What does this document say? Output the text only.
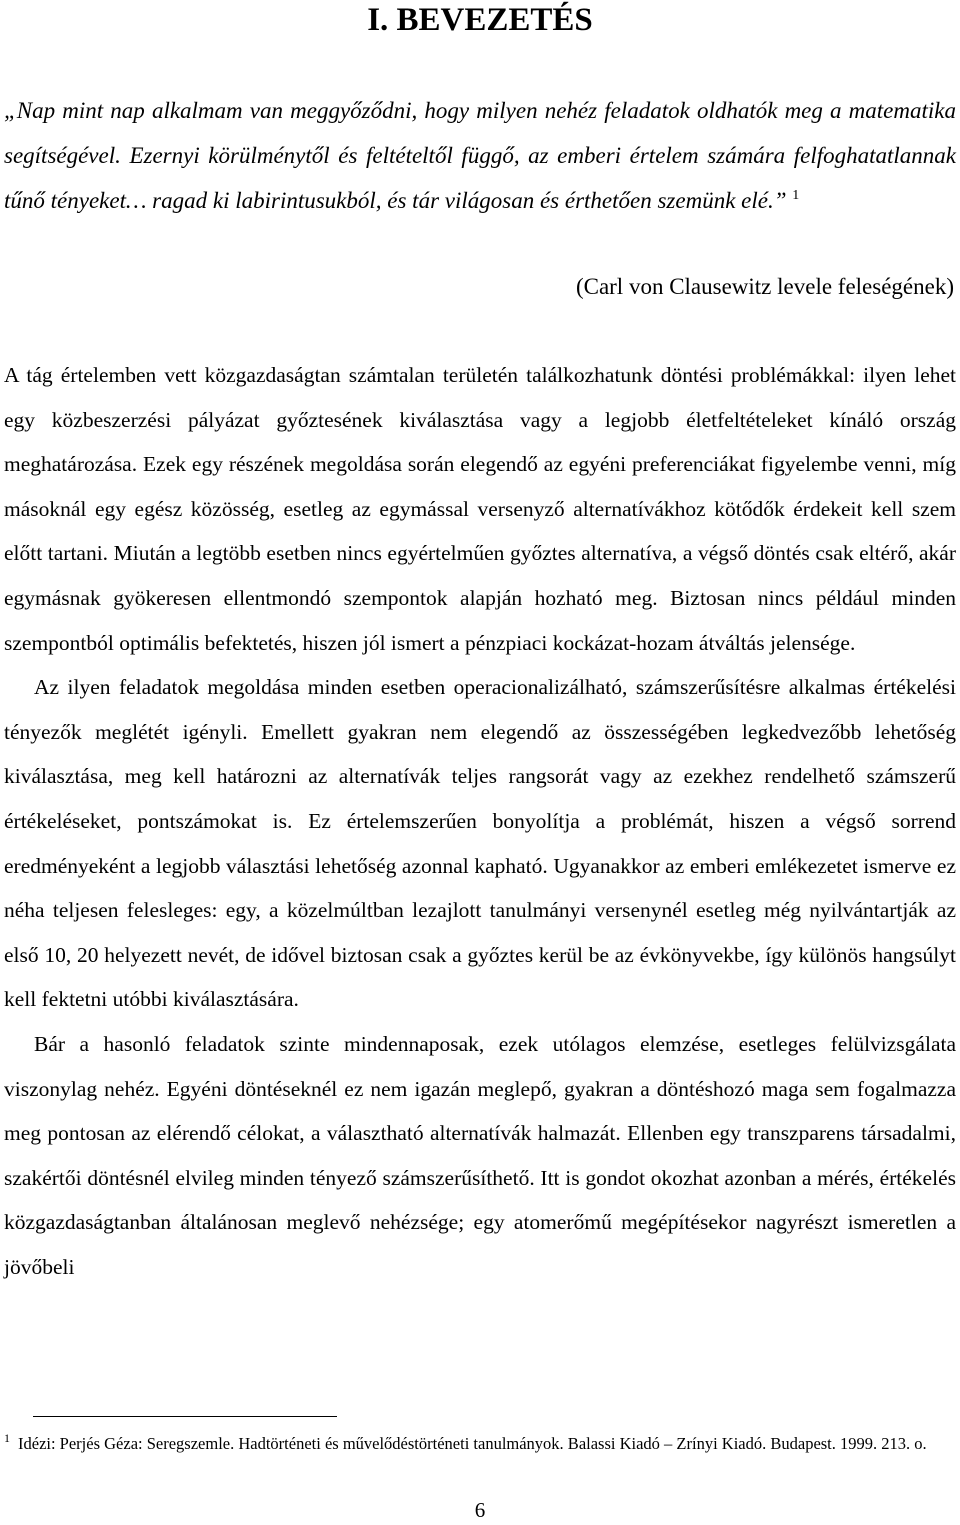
I. BEVEZETÉS

„Nap mint nap alkalmam van meggyőződni, hogy milyen nehéz feladatok oldhatók meg a matematika segítségével. Ezernyi körülménytől és feltételtől függő, az emberi értelem számára felfoghatatlannak tűnő tényeket… ragad ki labirintusukból, és tár világosan és érthetően szemünk elé.” $^1$

(Carl von Clausewitz levele feleségének)

A tág értelemben vett közgazdaságtan számtalan területén találkozhatunk döntési problémákkal: ilyen lehet egy közbeszerzési pályázat győztesének kiválasztása vagy a legjobb életfeltételeket kínáló ország meghatározása. Ezek egy részének megoldása során elegendő az egyéni preferenciákat figyelembe venni, míg másoknál egy egész közösség, esetleg az egymással versenyző alternatívákhoz kötődők érdekeit kell szem előtt tartani. Miután a legtöbb esetben nincs egyértelműen győztes alternatíva, a végső döntés csak eltérő, akár egymásnak gyökeresen ellentmondó szempontok alapján hozható meg. Biztosan nincs például minden szempontból optimális befektetés, hiszen jól ismert a pénzpiaci kockázat-hozam átváltás jelensége.

Az ilyen feladatok megoldása minden esetben operacionalizálható, számszerűsítésre alkalmas értékelési tényezők meglétét igényli. Emellett gyakran nem elegendő az összességében legkedvezőbb lehetőség kiválasztása, meg kell határozni az alternatívák teljes rangsorát vagy az ezekhez rendelhető számszerű értékeléseket, pontszámokat is. Ez értelemszerűen bonyolítja a problémát, hiszen a végső sorrend eredményeként a legjobb választási lehetőség azonnal kapható. Ugyanakkor az emberi emlékezetet ismerve ez néha teljesen felesleges: egy, a közelmúltban lezajlott tanulmányi versenynél esetleg még nyilvántartják az első 10, 20 helyezett nevét, de idővel biztosan csak a győztes kerül be az évkönyvekbe, így különös hangsúlyt kell fektetni utóbbi kiválasztására.

Bár a hasonló feladatok szinte mindennaposak, ezek utólagos elemzése, esetleges felülvizsgálata viszonylag nehéz. Egyéni döntéseknél ez nem igazán meglepő, gyakran a döntéshozó maga sem fogalmazza meg pontosan az elérendő célokat, a választható alternatívák halmazát. Ellenben egy transzparens társadalmi, szakértői döntésnél elvileg minden tényező számszerűsíthető. Itt is gondot okozhat azonban a mérés, értékelés közgazdaságtanban általánosan meglevő nehézsége; egy atomerőmű megépítésekor nagyrészt ismeretlen a jövőbeli

$^1$ Idézi: Perjés Géza: Seregszemle. Hadtörténeti és művelődéstörténeti tanulmányok. Balassi Kiadó – Zrínyi Kiadó. Budapest. 1999. 213. o.

6
